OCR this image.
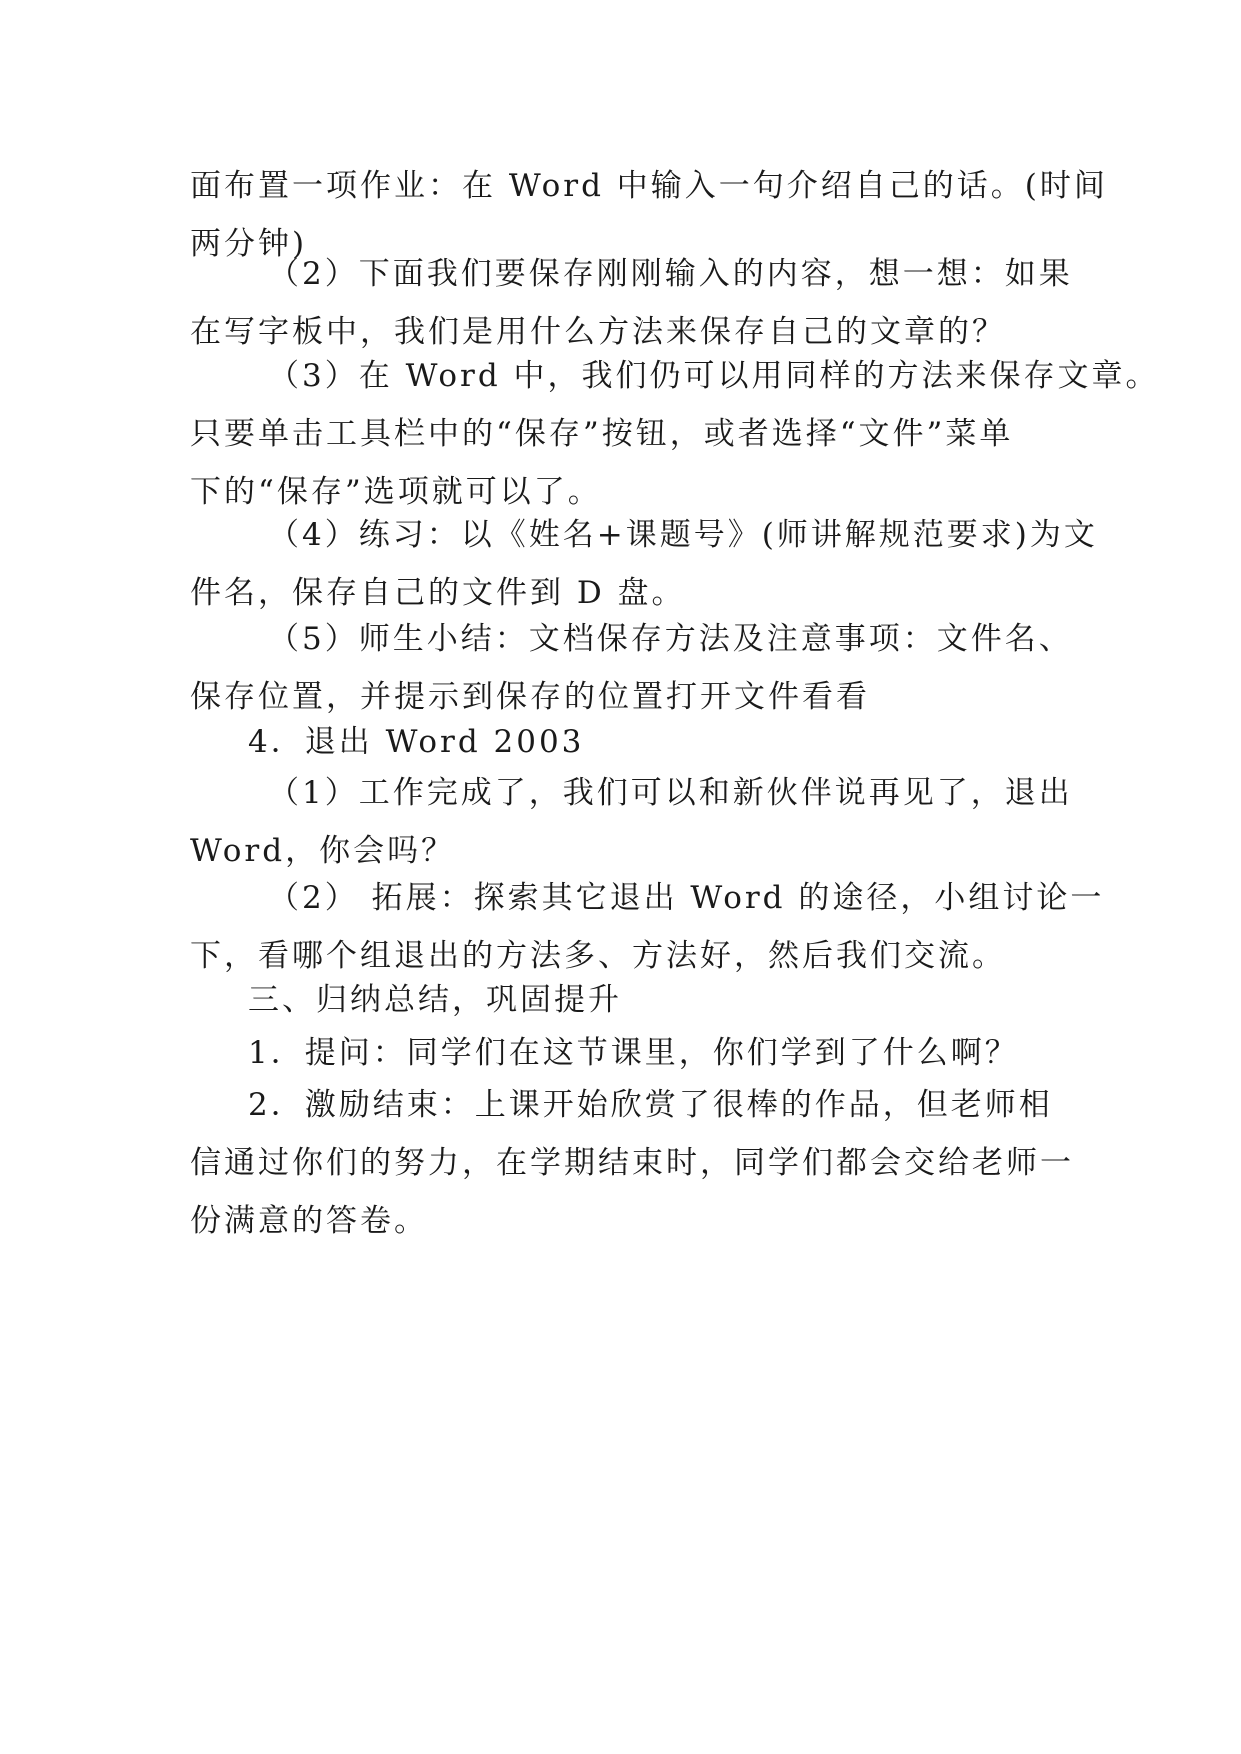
面布置一项作业：在 Word 中输入一句介绍自己的话。(时间
两分钟)

（2）下面我们要保存刚刚输入的内容，想一想：如果
在写字板中，我们是用什么方法来保存自己的文章的？

（3）在 Word 中，我们仍可以用同样的方法来保存文章。
只要单击工具栏中的“保存”按钮，或者选择“文件”菜单
下的“保存”选项就可以了。

（4）练习：以《姓名+课题号》(师讲解规范要求)为文
件名，保存自己的文件到 D 盘。

（5）师生小结：文档保存方法及注意事项：文件名、
保存位置，并提示到保存的位置打开文件看看

4．退出 Word 2003

（1）工作完成了，我们可以和新伙伴说再见了，退出
Word，你会吗？

（2） 拓展：探索其它退出 Word 的途径，小组讨论一
下，看哪个组退出的方法多、方法好，然后我们交流。

三、归纳总结，巩固提升

1．提问：同学们在这节课里，你们学到了什么啊？

2．激励结束：上课开始欣赏了很棒的作品，但老师相
信通过你们的努力，在学期结束时，同学们都会交给老师一
份满意的答卷。
